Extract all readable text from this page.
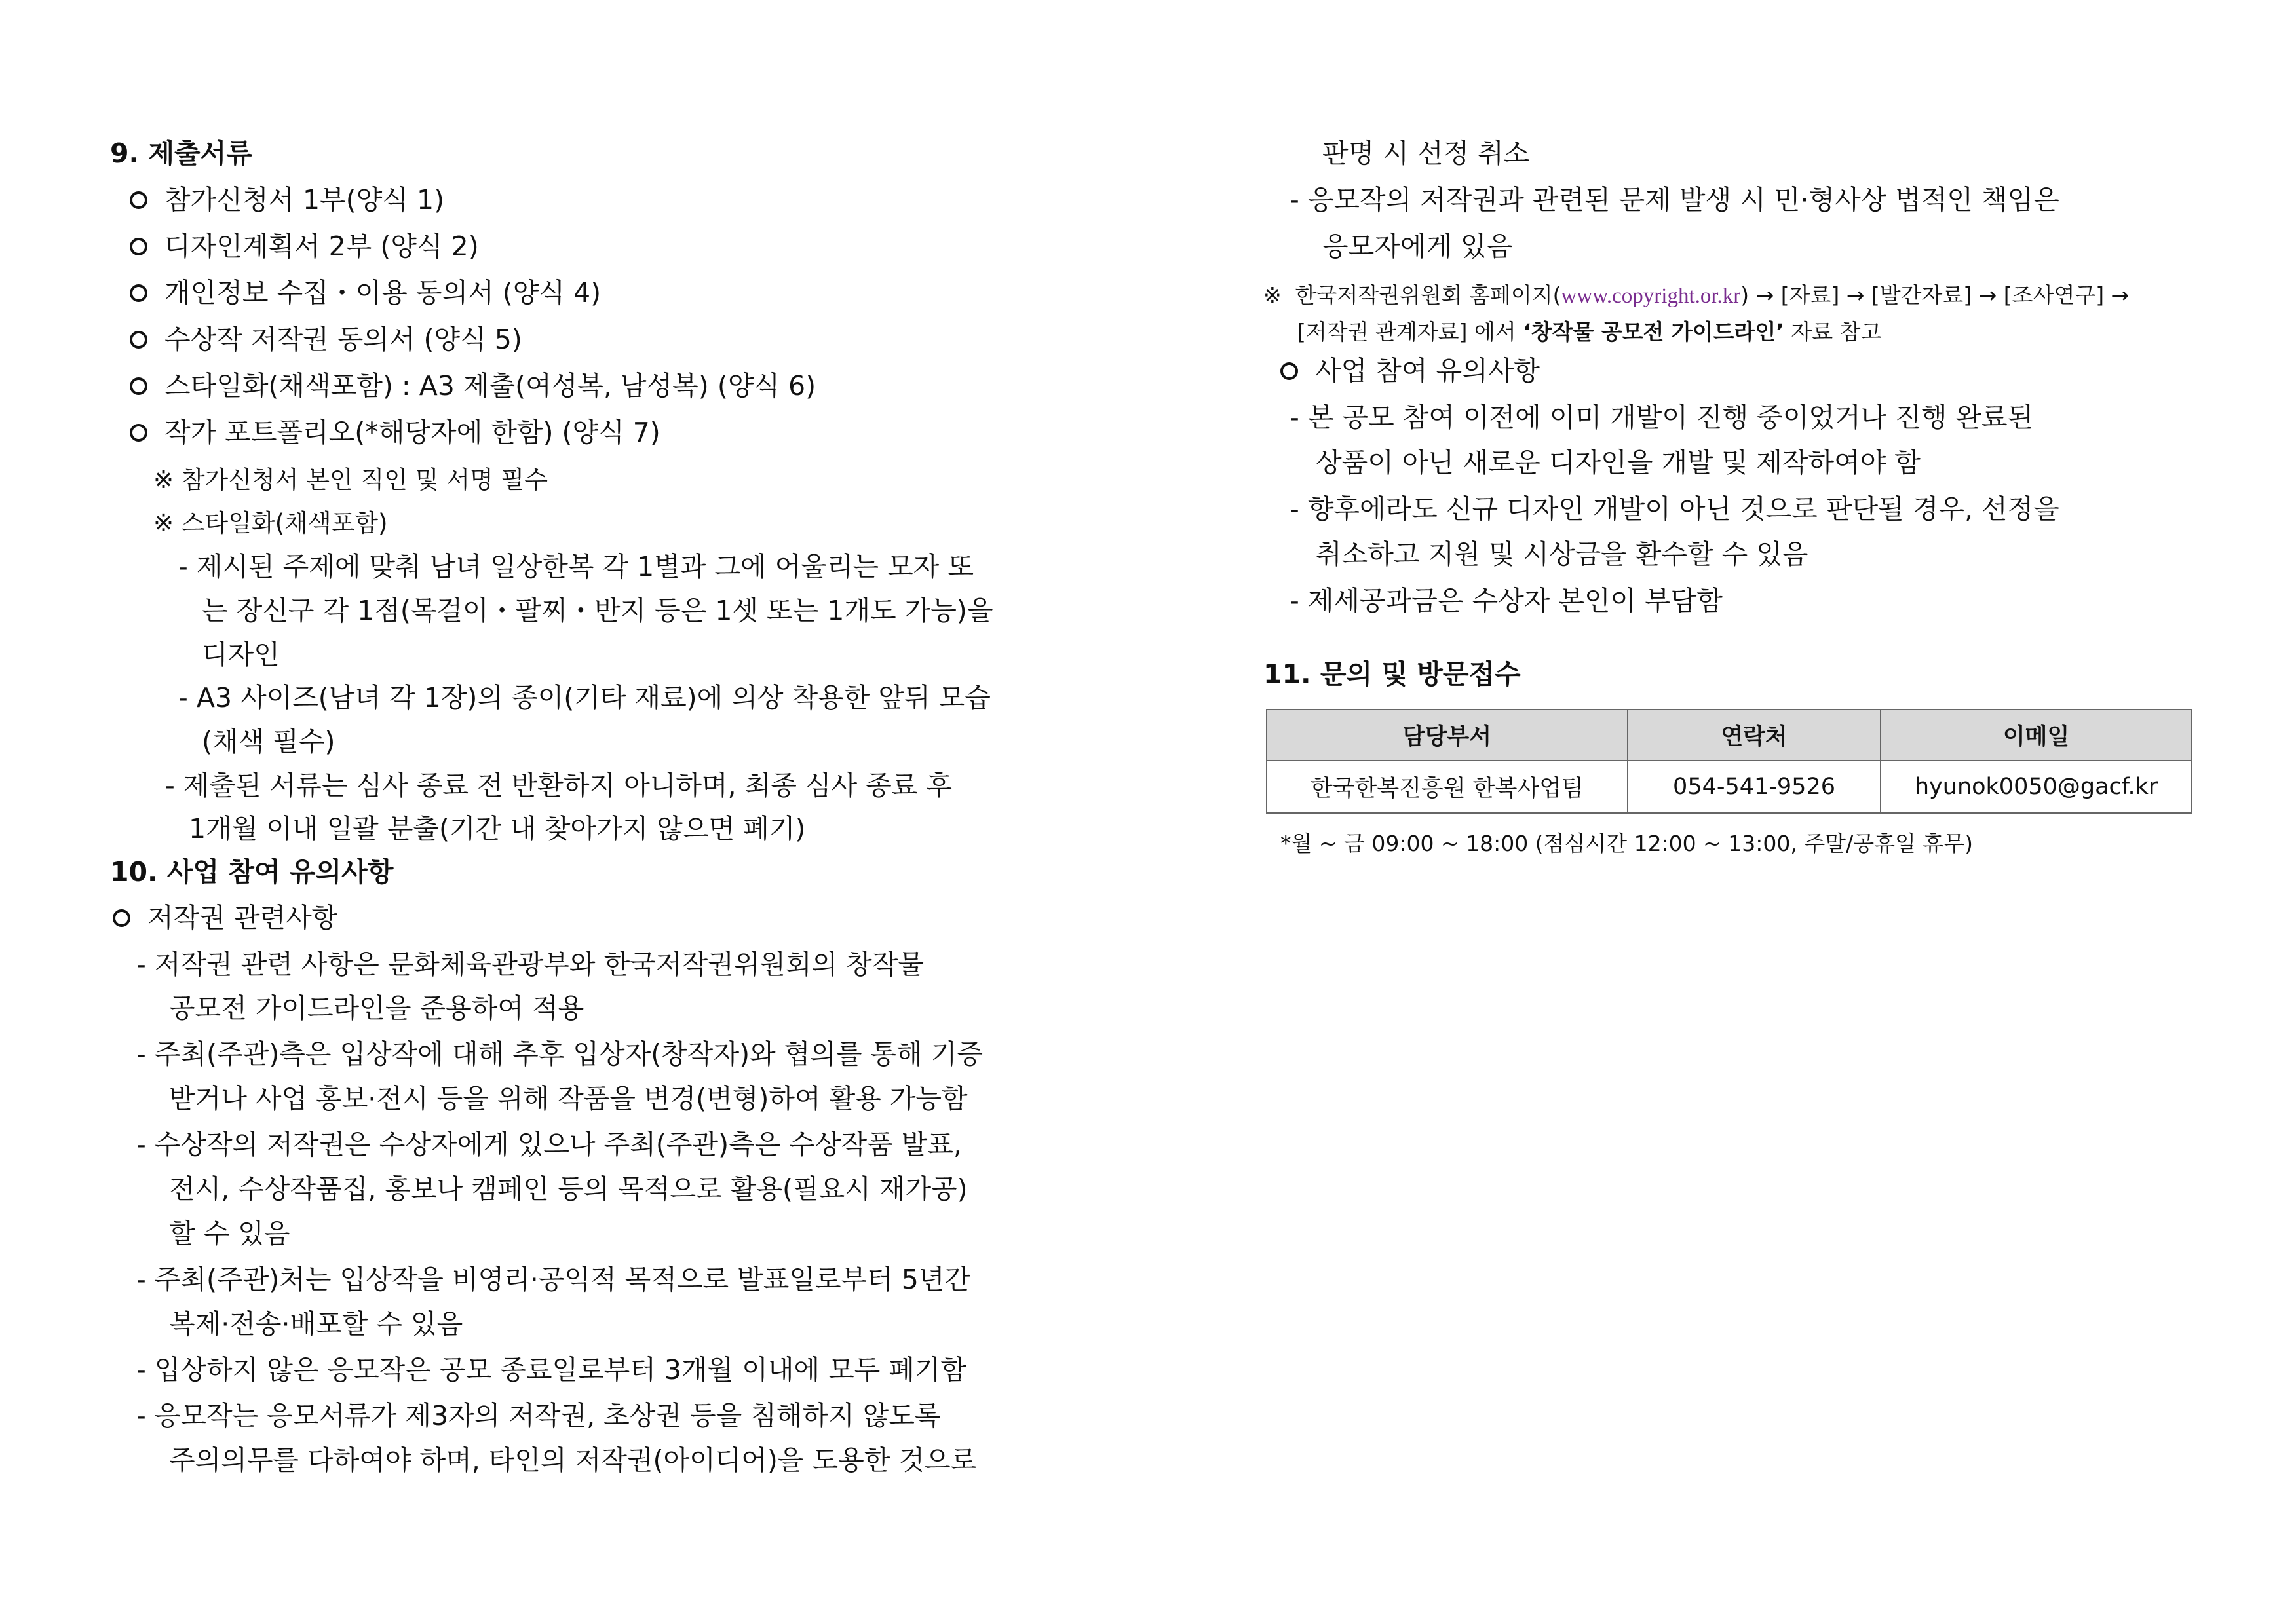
9. 제출서류
참가신청서 1부(양식 1)
디자인계획서 2부 (양식 2)
개인정보 수집・이용 동의서 (양식 4)
수상작 저작권 동의서 (양식 5)
스타일화(채색포함) : A3 제출(여성복, 남성복) (양식 6)
작가 포트폴리오(*해당자에 한함) (양식 7)
※ 참가신청서 본인 직인 및 서명 필수
※ 스타일화(채색포함)
- 제시된 주제에 맞춰 남녀 일상한복 각 1별과 그에 어울리는 모자 또
는 장신구 각 1점(목걸이・팔찌・반지 등은 1셋 또는 1개도 가능)을
디자인
- A3 사이즈(남녀 각 1장)의 종이(기타 재료)에 의상 착용한 앞뒤 모습
(채색 필수)
- 제출된 서류는 심사 종료 전 반환하지 아니하며, 최종 심사 종료 후
1개월 이내 일괄 분출(기간 내 찾아가지 않으면 폐기)
10. 사업 참여 유의사항
저작권 관련사항
- 저작권 관련 사항은 문화체육관광부와 한국저작권위원회의 창작물
공모전 가이드라인을 준용하여 적용
- 주최(주관)측은 입상작에 대해 추후 입상자(창작자)와 협의를 통해 기증
받거나 사업 홍보·전시 등을 위해 작품을 변경(변형)하여 활용 가능함
- 수상작의 저작권은 수상자에게 있으나 주최(주관)측은 수상작품 발표,
전시, 수상작품집, 홍보나 캠페인 등의 목적으로 활용(필요시 재가공)
할 수 있음
- 주최(주관)처는 입상작을 비영리·공익적 목적으로 발표일로부터 5년간
복제·전송·배포할 수 있음
- 입상하지 않은 응모작은 공모 종료일로부터 3개월 이내에 모두 폐기함
- 응모작는 응모서류가 제3자의 저작권, 초상권 등을 침해하지 않도록
주의의무를 다하여야 하며, 타인의 저작권(아이디어)을 도용한 것으로
판명 시 선정 취소
- 응모작의 저작권과 관련된 문제 발생 시 민·형사상 법적인 책임은
응모자에게 있음
※ 한국저작권위원회 홈페이지(www.copyright.or.kr) → [자료] → [발간자료] → [조사연구] →
[저작권 관계자료] 에서 ‘창작물 공모전 가이드라인’ 자료 참고
사업 참여 유의사항
- 본 공모 참여 이전에 이미 개발이 진행 중이었거나 진행 완료된
상품이 아닌 새로운 디자인을 개발 및 제작하여야 함
- 향후에라도 신규 디자인 개발이 아닌 것으로 판단될 경우, 선정을
취소하고 지원 및 시상금을 환수할 수 있음
- 제세공과금은 수상자 본인이 부담함
11. 문의 및 방문접수
*월 ~ 금 09:00 ~ 18:00 (점심시간 12:00 ~ 13:00, 주말/공휴일 휴무)
담당부서	연락처	이메일
한국한복진흥원 한복사업팀	054-541-9526	hyunok0050@gacf.kr
